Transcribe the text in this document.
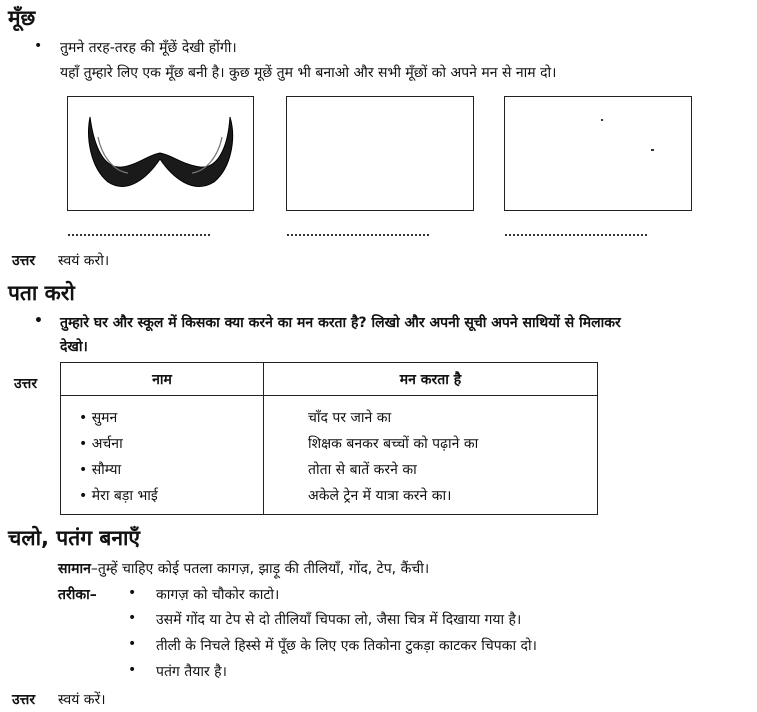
मूँछ
• तुमने तरह-तरह की मूँछें देखी होंगी।
यहाँ तुम्हारे लिए एक मूँछ बनी है। कुछ मूछें तुम भी बनाओ और सभी मूँछों को अपने मन से नाम दो।
उत्तर स्वयं करो।
पता करो
• तुम्हारे घर और स्कूल में किसका क्या करने का मन करता है? लिखो और अपनी सूची अपने साथियों से मिलाकर
देखो।
उत्तर	नाम	मन करता है
• सुमन	चाँद पर जाने का
• अर्चना	शिक्षक बनकर बच्चों को पढ़ाने का
• सौम्या	तोता से बातें करने का
• मेरा बड़ा भाई	अकेले ट्रेन में यात्रा करने का।
चलो, पतंग बनाएँ
सामान–तुम्हें चाहिए कोई पतला कागज़, झाड़ू की तीलियाँ, गोंद, टेप, कैंची।
तरीका– • कागज़ को चौकोर काटो।
• उसमें गोंद या टेप से दो तीलियाँ चिपका लो, जैसा चित्र में दिखाया गया है।
• तीली के निचले हिस्से में पूँछ के लिए एक तिकोना टुकड़ा काटकर चिपका दो।
• पतंग तैयार है।
उत्तर स्वयं करें।
